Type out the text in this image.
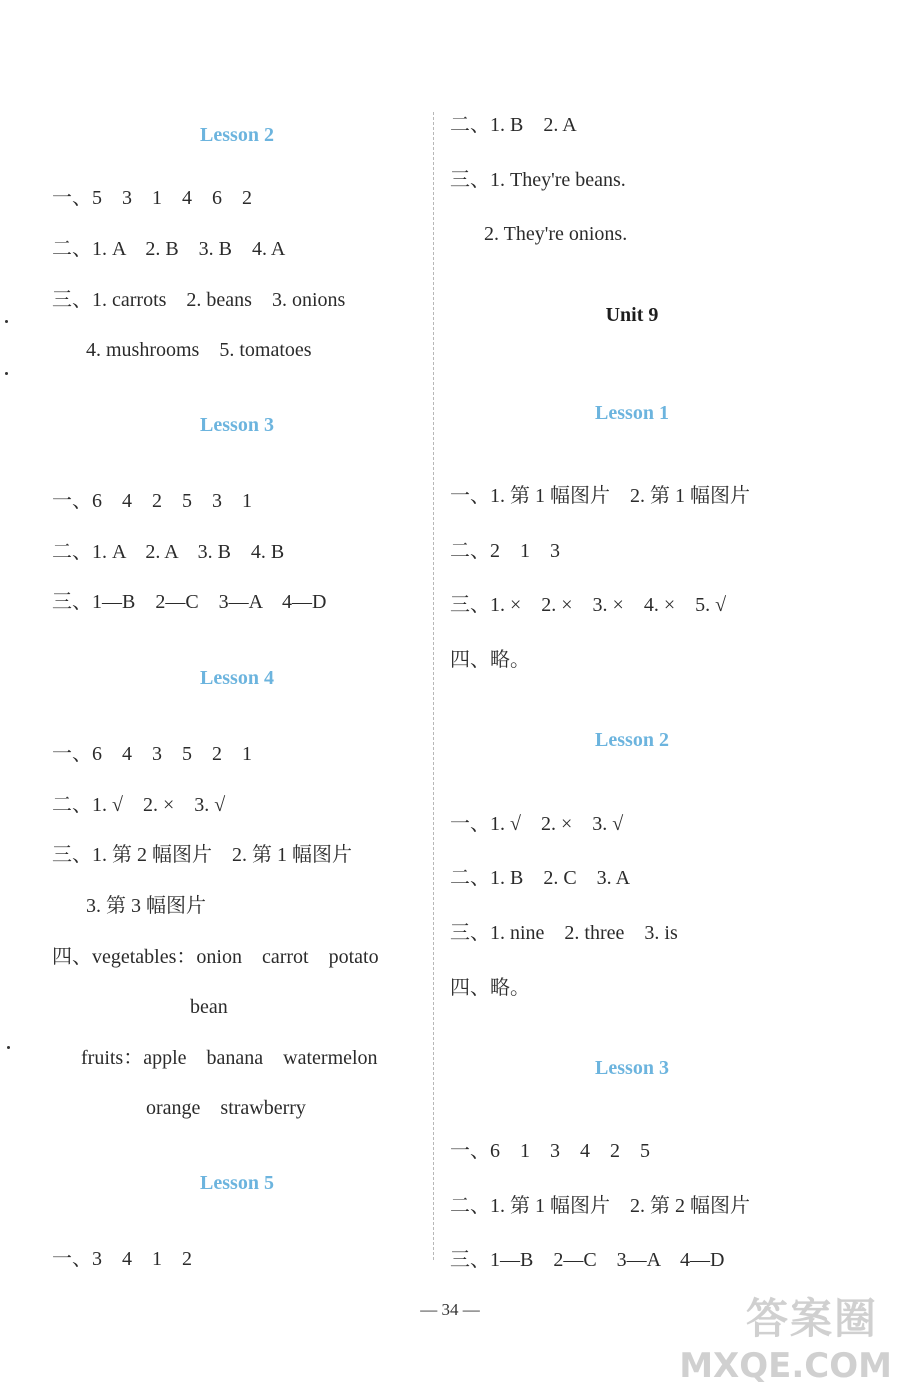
Lesson 2
一、5　3　1　4　6　2
二、1. A　2. B　3. B　4. A
三、1. carrots　2. beans　3. onions
4. mushrooms　5. tomatoes
Lesson 3
一、6　4　2　5　3　1
二、1. A　2. A　3. B　4. B
三、1—B　2—C　3—A　4—D
Lesson 4
一、6　4　3　5　2　1
二、1. √　2. ×　3. √
三、1. 第 2 幅图片　2. 第 1 幅图片
3. 第 3 幅图片
四、vegetables：onion　carrot　potato
bean
fruits：apple　banana　watermelon
orange　strawberry
Lesson 5
一、3　4　1　2
二、1. B　2. A
三、1. They're beans.
2. They're onions.
Unit 9
Lesson 1
一、1. 第 1 幅图片　2. 第 1 幅图片
二、2　1　3
三、1. ×　2. ×　3. ×　4. ×　5. √
四、略。
Lesson 2
一、1. √　2. ×　3. √
二、1. B　2. C　3. A
三、1. nine　2. three　3. is
四、略。
Lesson 3
一、6　1　3　4　2　5
二、1. 第 1 幅图片　2. 第 2 幅图片
三、1—B　2—C　3—A　4—D
— 34 —	答案圈
MXQE.COM
